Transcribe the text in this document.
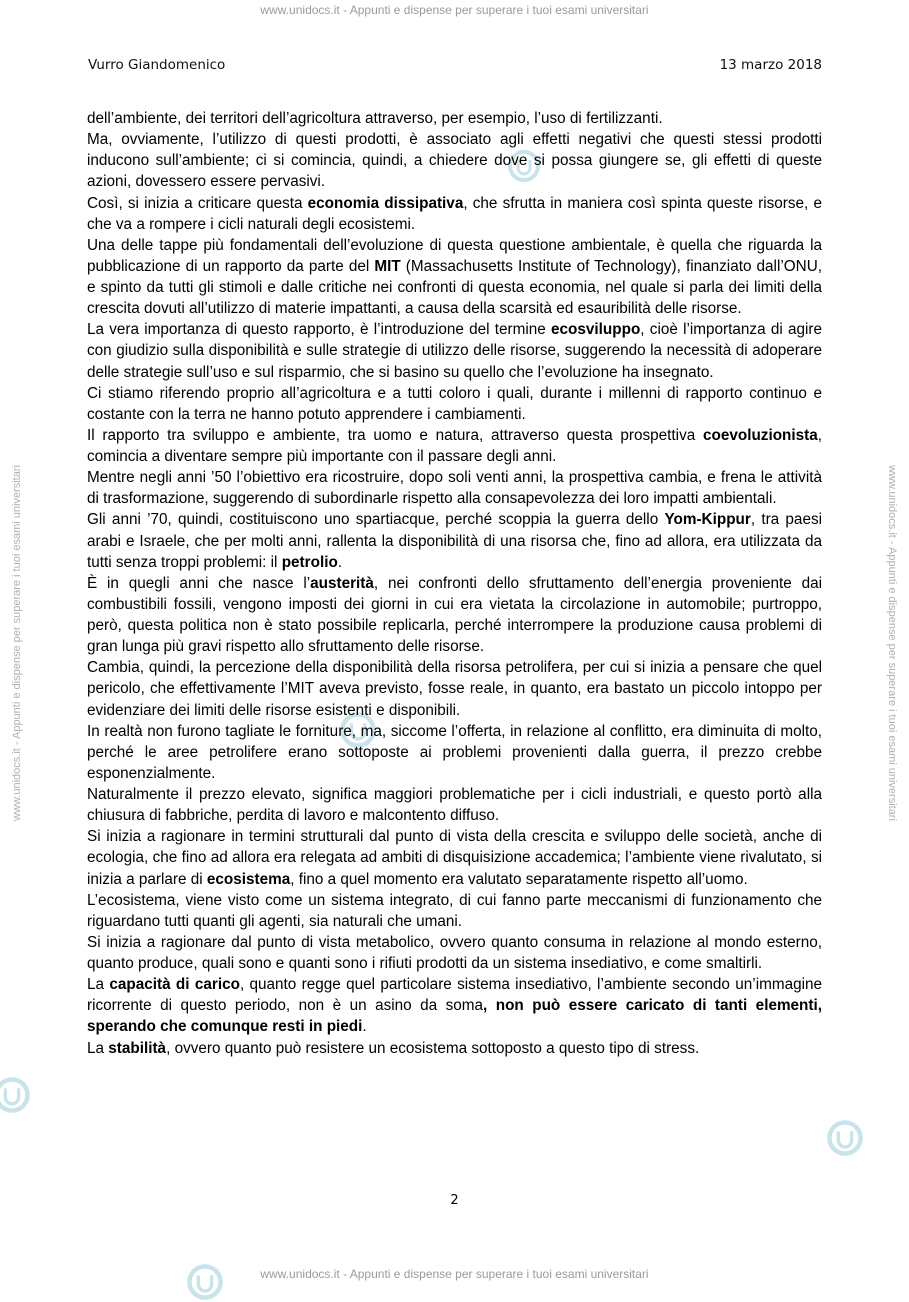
www.unidocs.it - Appunti e dispense per superare i tuoi esami universitari
www.unidocs.it - Appunti e dispense per superare i tuoi esami universitari
www.unidocs.it - Appunti e dispense per superare i tuoi esami universitari	www.unidocs.it - Appunti e dispense per superare i tuoi esami universitari
Vurro Giandomenico	13 marzo 2018

dell’ambiente, dei territori dell’agricoltura attraverso, per esempio, l’uso di fertilizzanti.

Ma, ovviamente, l’utilizzo di questi prodotti, è associato agli effetti negativi che questi stessi prodotti inducono sull’ambiente; ci si comincia, quindi, a chiedere dove si possa giungere se, gli effetti di queste azioni, dovessero essere pervasivi.

Così, si inizia a criticare questa economia dissipativa, che sfrutta in maniera così spinta queste risorse, e che va a rompere i cicli naturali degli ecosistemi.

Una delle tappe più fondamentali dell’evoluzione di questa questione ambientale, è quella che riguarda la pubblicazione di un rapporto da parte del MIT (Massachusetts Institute of Technology), finanziato dall’ONU, e spinto da tutti gli stimoli e dalle critiche nei confronti di questa economia, nel quale si parla dei limiti della crescita dovuti all’utilizzo di materie impattanti, a causa della scarsità ed esauribilità delle risorse.

La vera importanza di questo rapporto, è l’introduzione del termine ecosviluppo, cioè l’importanza di agire con giudizio sulla disponibilità e sulle strategie di utilizzo delle risorse, suggerendo la necessità di adoperare delle strategie sull’uso e sul risparmio, che si basino su quello che l’evoluzione ha insegnato.

Ci stiamo riferendo proprio all’agricoltura e a tutti coloro i quali, durante i millenni di rapporto continuo e costante con la terra ne hanno potuto apprendere i cambiamenti.

Il rapporto tra sviluppo e ambiente, tra uomo e natura, attraverso questa prospettiva coevoluzionista, comincia a diventare sempre più importante con il passare degli anni.

Mentre negli anni ’50 l’obiettivo era ricostruire, dopo soli venti anni, la prospettiva cambia, e frena le attività di trasformazione, suggerendo di subordinarle rispetto alla consapevolezza dei loro impatti ambientali.

Gli anni ’70, quindi, costituiscono uno spartiacque, perché scoppia la guerra dello Yom-Kippur, tra paesi arabi e Israele, che per molti anni, rallenta la disponibilità di una risorsa che, fino ad allora, era utilizzata da tutti senza troppi problemi: il petrolio.

È in quegli anni che nasce l’austerità, nei confronti dello sfruttamento dell’energia proveniente dai combustibili fossili, vengono imposti dei giorni in cui era vietata la circolazione in automobile; purtroppo, però, questa politica non è stato possibile replicarla, perché interrompere la produzione causa problemi di gran lunga più gravi rispetto allo sfruttamento delle risorse.

Cambia, quindi, la percezione della disponibilità della risorsa petrolifera, per cui si inizia a pensare che quel pericolo, che effettivamente l’MIT aveva previsto, fosse reale, in quanto, era bastato un piccolo intoppo per evidenziare dei limiti delle risorse esistenti e disponibili.

In realtà non furono tagliate le forniture, ma, siccome l’offerta, in relazione al conflitto, era diminuita di molto, perché le aree petrolifere erano sottoposte ai problemi provenienti dalla guerra, il prezzo crebbe esponenzialmente.

Naturalmente il prezzo elevato, significa maggiori problematiche per i cicli industriali, e questo portò alla chiusura di fabbriche, perdita di lavoro e malcontento diffuso.

Si inizia a ragionare in termini strutturali dal punto di vista della crescita e sviluppo delle società, anche di ecologia, che fino ad allora era relegata ad ambiti di disquisizione accademica; l’ambiente viene rivalutato, si inizia a parlare di ecosistema, fino a quel momento era valutato separatamente rispetto all’uomo.

L’ecosistema, viene visto come un sistema integrato, di cui fanno parte meccanismi di funzionamento che riguardano tutti quanti gli agenti, sia naturali che umani.

Si inizia a ragionare dal punto di vista metabolico, ovvero quanto consuma in relazione al mondo esterno, quanto produce, quali sono e quanti sono i rifiuti prodotti da un sistema insediativo, e come smaltirli.

La capacità di carico, quanto regge quel particolare sistema insediativo, l’ambiente secondo un’immagine ricorrente di questo periodo, non è un asino da soma, non può essere caricato di tanti elementi, sperando che comunque resti in piedi.

La stabilità, ovvero quanto può resistere un ecosistema sottoposto a questo tipo di stress.

2
